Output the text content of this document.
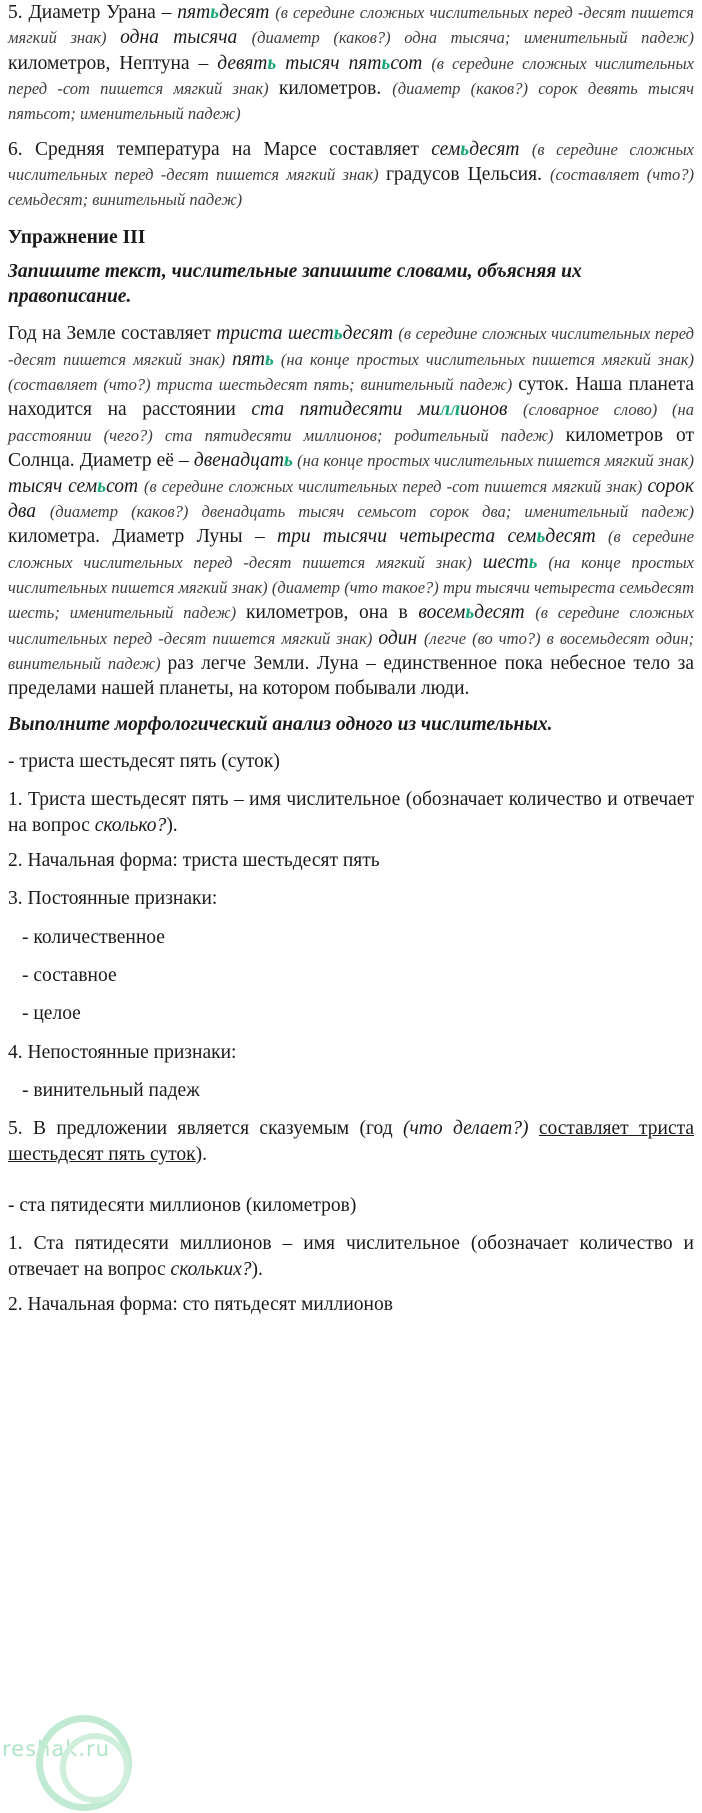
5. Диаметр Урана – пятьдесят (в середине сложных числительных перед -десят пишется мягкий знак) одна тысяча (диаметр (каков?) одна тысяча; именительный падеж) километров, Нептуна – девять тысяч пятьсот (в середине сложных числительных перед -сот пишется мягкий знак) километров. (диаметр (каков?) сорок девять тысяч пятьсот; именительный падеж)

6. Средняя температура на Марсе составляет семьдесят (в середине сложных числительных перед -десят пишется мягкий знак) градусов Цельсия. (составляет (что?) семьдесят; винительный падеж)

Упражнение III
Запишите текст, числительные запишите словами, объясняя их правописание.

Год на Земле составляет триста шестьдесят (в середине сложных числительных перед -десят пишется мягкий знак) пять (на конце простых числительных пишется мягкий знак) (составляет (что?) триста шестьдесят пять; винительный падеж) суток. Наша планета находится на расстоянии ста пятидесяти миллионов (словарное слово) (на расстоянии (чего?) ста пятидесяти миллионов; родительный падеж) километров от Солнца. Диаметр её – двенадцать (на конце простых числительных пишется мягкий знак) тысяч семьсот (в середине сложных числительных перед -сот пишется мягкий знак) сорок два (диаметр (каков?) двенадцать тысяч семьсот сорок два; именительный падеж) километра. Диаметр Луны – три тысячи четыреста семьдесят (в середине сложных числительных перед -десят пишется мягкий знак) шесть (на конце простых числительных пишется мягкий знак) (диаметр (что такое?) три тысячи четыреста семьдесят шесть; именительный падеж) километров, она в восемьдесят (в середине сложных числительных перед -десят пишется мягкий знак) один (легче (во что?) в восемьдесят один; винительный падеж) раз легче Земли. Луна – единственное пока небесное тело за пределами нашей планеты, на котором побывали люди.

Выполните морфологический анализ одного из числительных.
- триста шестьдесят пять (суток)

1. Триста шестьдесят пять – имя числительное (обозначает количество и отвечает на вопрос сколько?).

2. Начальная форма: триста шестьдесят пять
3. Постоянные признаки:
- количественное
- составное
- целое
4. Непостоянные признаки:
- винительный падеж

5. В предложении является сказуемым (год (что делает?) составляет триста шестьдесят пять суток).

- ста пятидесяти миллионов (километров)

1. Ста пятидесяти миллионов – имя числительное (обозначает количество и отвечает на вопрос скольких?).

2. Начальная форма: сто пятьдесят миллионов
reshak.ru
